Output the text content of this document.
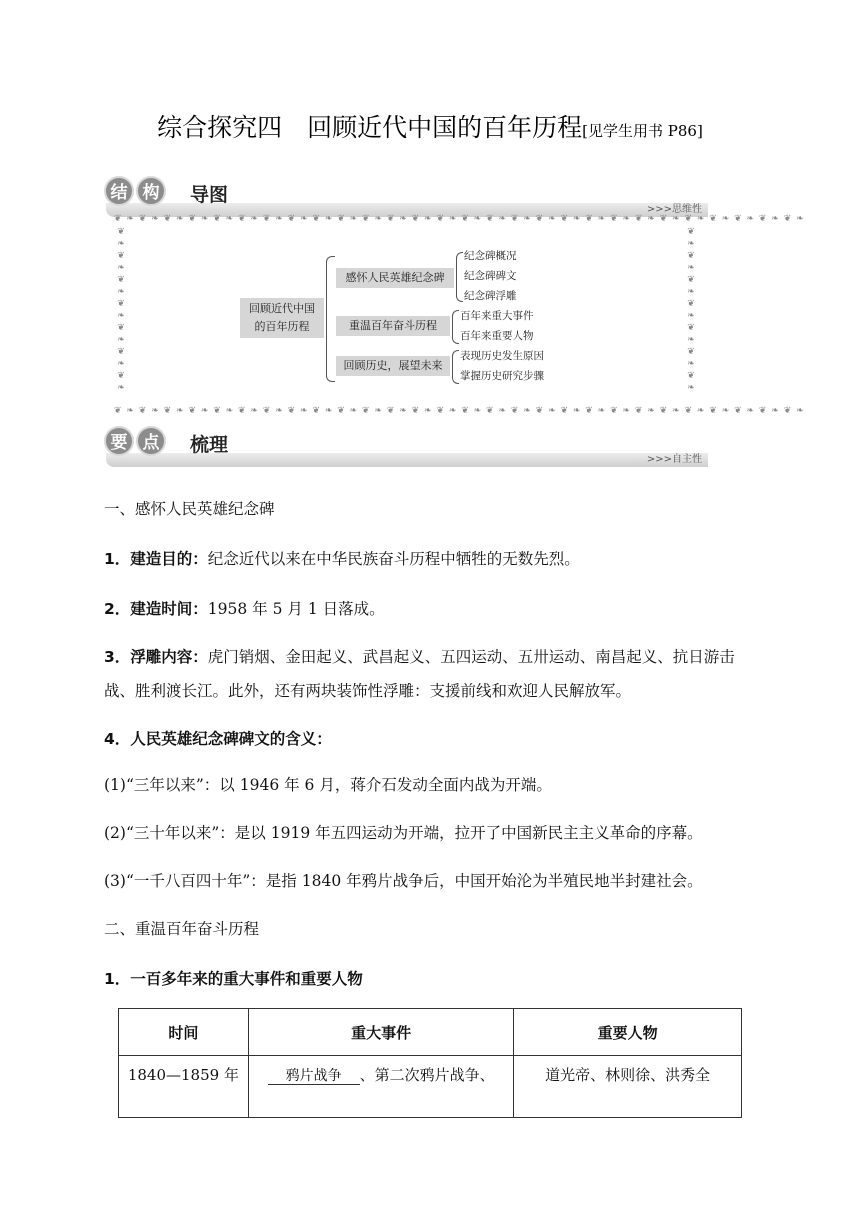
综合探究四　回顾近代中国的百年历程[见学生用书 P86]
结 构	导图
>>>思维性
❦ ❧ ❦ ❧ ❦ ❧ ❦ ❧ ❦ ❧ ❦ ❧ ❦ ❧ ❦ ❧ ❦ ❧ ❦ ❧ ❦ ❧ ❦ ❧ ❦ ❧ ❦ ❧ ❦ ❧ ❦ ❧ ❦ ❧ ❦ ❧ ❦ ❧ ❦ ❧ ❦ ❧ ❦ ❧ ❦ ❧ ❦ ❧ ❦ ❧ ❦ ❧ ❦ ❧ ❦ ❧
❦ ❧ ❦ ❧ ❦ ❧ ❦ ❧ ❦ ❧ ❦ ❧ ❦ ❧ ❦ ❧ ❦ ❧ ❦ ❧ ❦ ❧ ❦ ❧ ❦ ❧ ❦ ❧ ❦ ❧ ❦ ❧ ❦ ❧ ❦ ❧ ❦ ❧ ❦ ❧ ❦ ❧ ❦ ❧ ❦ ❧ ❦ ❧ ❦ ❧ ❦ ❧ ❦ ❧ ❦ ❧
❦
❧
❦
❧
❦
❧
❦
❧
❦
❧
❦
❧
❦
❧
❦
❧
❦
❧
❦
❧
❦
❧
❦
❧
❦
❧
❦
❧
回顾近代中国
的百年历程
感怀人民英雄纪念碑
纪念碑概况
纪念碑碑文
纪念碑浮雕
重温百年奋斗历程
百年来重大事件
百年来重要人物
回顾历史，展望未来
表现历史发生原因
掌握历史研究步骤
要 点	梳理
>>>自主性
一、感怀人民英雄纪念碑
1．建造目的：纪念近代以来在中华民族奋斗历程中牺牲的无数先烈。
2．建造时间：1958 年 5 月 1 日落成。
3．浮雕内容：虎门销烟、金田起义、武昌起义、五四运动、五卅运动、南昌起义、抗日游击战、胜利渡长江。此外，还有两块装饰性浮雕：支援前线和欢迎人民解放军。
4．人民英雄纪念碑碑文的含义：
(1)“三年以来”：以 1946 年 6 月，蒋介石发动全面内战为开端。
(2)“三十年以来”：是以 1919 年五四运动为开端，拉开了中国新民主主义革命的序幕。
(3)“一千八百四十年”：是指 1840 年鸦片战争后，中国开始沦为半殖民地半封建社会。
二、重温百年奋斗历程
1．一百多年来的重大事件和重要人物
时间	重大事件	重要人物
1840—1859 年	鸦片战争 、第二次鸦片战争、	道光帝、林则徐、洪秀全
